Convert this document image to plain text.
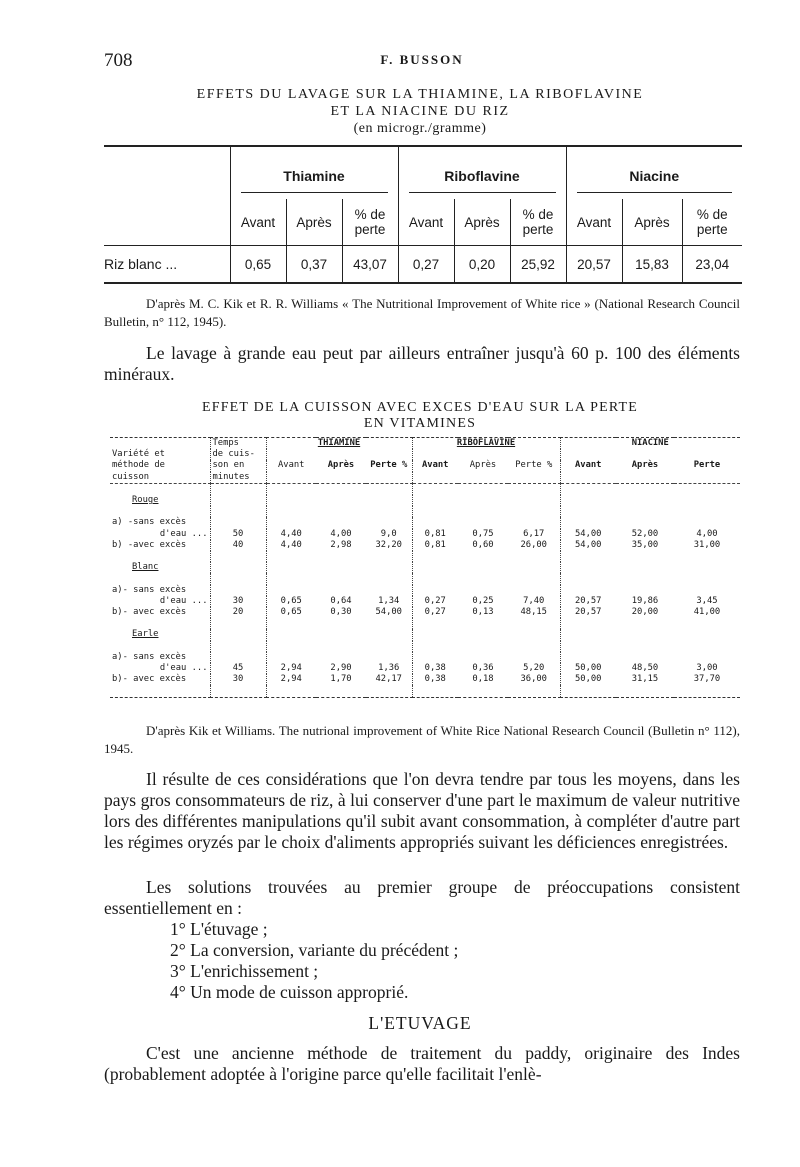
708	F. BUSSON
EFFETS DU LAVAGE SUR LA THIAMINE, LA RIBOFLAVINE
ET LA NIACINE DU RIZ
(en microgr./gramme)

	Thiamine			Riboflavine			Niacine		

	Avant	Après	% de perte	Avant	Après	% de perte	Avant	Après	% de perte
Riz blanc ...	0,65	0,37	43,07	0,27	0,20	25,92	20,57	15,83	23,04

D'après M. C. Kik et R. R. Williams « The Nutritional Improvement of White rice » (National Research Council Bulletin, n° 112, 1945).
Le lavage à grande eau peut par ailleurs entraîner jusqu'à 60 p. 100 des éléments minéraux.
EFFET DE LA CUISSON AVEC EXCES D'EAU SUR LA PERTE
EN VITAMINES
	Temps	THIAMINE			RIBOFLAVINE			NIACINE		
Variété et	de cuis-									
méthode de	son en	Avant	Après	Perte %	Avant	Après	Perte %	Avant	Après	Perte
cuisson	minutes									

Rouge										

a) -sans excès										
d'eau ...	50	4,40	4,00	9,0	0,81	0,75	6,17	54,00	52,00	4,00
b) -avec excès	40	4,40	2,98	32,20	0,81	0,60	26,00	54,00	35,00	31,00

Blanc										

a)- sans excès										
d'eau ...	30	0,65	0,64	1,34	0,27	0,25	7,40	20,57	19,86	3,45
b)- avec excès	20	0,65	0,30	54,00	0,27	0,13	48,15	20,57	20,00	41,00

Earle										

a)- sans excès										
d'eau ...	45	2,94	2,90	1,36	0,38	0,36	5,20	50,00	48,50	3,00
b)- avec excès	30	2,94	1,70	42,17	0,38	0,18	36,00	50,00	31,15	37,70

D'après Kik et Williams. The nutrional improvement of White Rice National Research Council (Bulletin n° 112), 1945.
Il résulte de ces considérations que l'on devra tendre par tous les moyens, dans les pays gros consommateurs de riz, à lui conserver d'une part le maximum de valeur nutritive lors des différentes manipulations qu'il subit avant consommation, à compléter d'autre part les régimes oryzés par le choix d'aliments appropriés suivant les déficiences enregistrées.
Les solutions trouvées au premier groupe de préoccupations consistent essentiellement en :
1° L'étuvage ;
2° La conversion, variante du précédent ;
3° L'enrichissement ;
4° Un mode de cuisson approprié.
L'ETUVAGE
C'est une ancienne méthode de traitement du paddy, originaire des Indes (probablement adoptée à l'origine parce qu'elle facilitait l'enlè-
